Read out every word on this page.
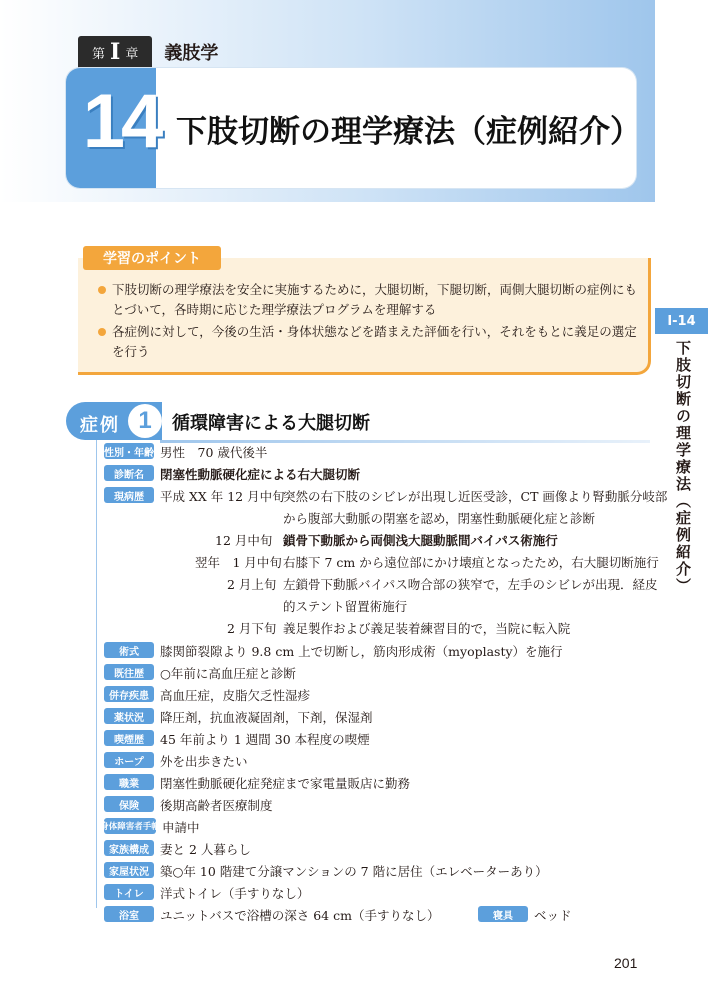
第 I 章 義肢学
14 下肢切断の理学療法（症例紹介）
I-14
下肢切断の理学療法（症例紹介）
学習のポイント
下肢切断の理学療法を安全に実施するために，大腿切断，下腿切断，両側大腿切断の症例にもとづいて，各時期に応じた理学療法プログラムを理解する
各症例に対して，今後の生活・身体状態などを踏まえた評価を行い，それをもとに義足の選定を行う
症例 1	循環障害による大腿切断
性別・年齢 男性　70 歳代後半
診断名	閉塞性動脈硬化症による右大腿切断
現病歴	平成 XX 年 12 月中旬
突然の右下肢のシビレが出現し近医受診，CT 画像より腎動脈分岐部
から腹部大動脈の閉塞を認め，閉塞性動脈硬化症と診断
12 月中旬 鎖骨下動脈から両側浅大腿動脈間バイパス術施行
翌年　1 月中旬 右膝下 7 cm から遠位部にかけ壊疽となったため，右大腿切断施行
2 月上旬 左鎖骨下動脈バイパス吻合部の狭窄で，左手のシビレが出現．経皮
的ステント留置術施行
2 月下旬 義足製作および義足装着練習目的で，当院に転入院
術式	膝関節裂隙より 9.8 cm 上で切断し，筋肉形成術（myoplasty）を施行
既往歴	○年前に高血圧症と診断
併存疾患 高血圧症，皮脂欠乏性湿疹
薬状況	降圧剤，抗血液凝固剤，下剤，保湿剤
喫煙歴	45 年前より 1 週間 30 本程度の喫煙
ホープ	外を出歩きたい
職業	閉塞性動脈硬化症発症まで家電量販店に勤務
保険	後期高齢者医療制度
身体障害者手帳 申請中
家族構成 妻と 2 人暮らし
家屋状況 築○年 10 階建て分譲マンションの 7 階に居住（エレベーターあり）
トイレ	洋式トイレ（手すりなし）
浴室	ユニットバスで浴槽の深さ 64 cm（手すりなし）	寝具	ベッド
201
